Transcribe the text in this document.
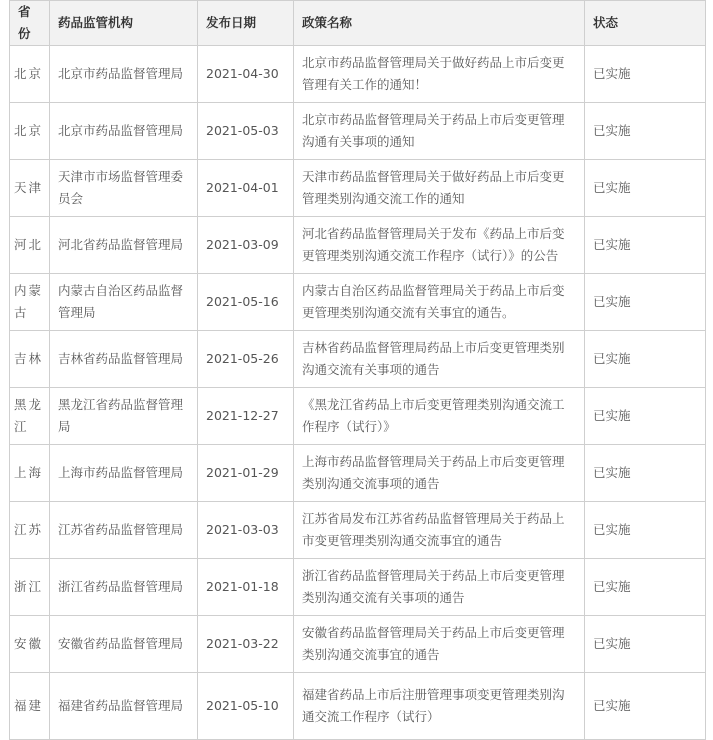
省份	药品监管机构	发布日期	政策名称	状态
北京	北京市药品监督管理局	2021-04-30	北京市药品监督管理局关于做好药品上市后变更管理有关工作的通知！	已实施
北京	北京市药品监督管理局	2021-05-03	北京市药品监督管理局关于药品上市后变更管理沟通有关事项的通知	已实施
天津	天津市市场监督管理委员会	2021-04-01	天津市药品监督管理局关于做好药品上市后变更管理类别沟通交流工作的通知	已实施
河北	河北省药品监督管理局	2021-03-09	河北省药品监督管理局关于发布《药品上市后变更管理类别沟通交流工作程序（试行）》的公告	已实施
内蒙古	内蒙古自治区药品监督管理局	2021-05-16	内蒙古自治区药品监督管理局关于药品上市后变更管理类别沟通交流有关事宜的通告。	已实施
吉林	吉林省药品监督管理局	2021-05-26	吉林省药品监督管理局药品上市后变更管理类别沟通交流有关事项的通告	已实施
黑龙江	黑龙江省药品监督管理局	2021-12-27	《黑龙江省药品上市后变更管理类别沟通交流工作程序（试行）》	已实施
上海	上海市药品监督管理局	2021-01-29	上海市药品监督管理局关于药品上市后变更管理类别沟通交流事项的通告	已实施
江苏	江苏省药品监督管理局	2021-03-03	江苏省局发布江苏省药品监督管理局关于药品上市变更管理类别沟通交流事宜的通告	已实施
浙江	浙江省药品监督管理局	2021-01-18	浙江省药品监督管理局关于药品上市后变更管理类别沟通交流有关事项的通告	已实施
安徽	安徽省药品监督管理局	2021-03-22	安徽省药品监督管理局关于药品上市后变更管理类别沟通交流事宜的通告	已实施
福建	福建省药品监督管理局	2021-05-10	福建省药品上市后注册管理事项变更管理类别沟通交流工作程序（试行）	已实施
